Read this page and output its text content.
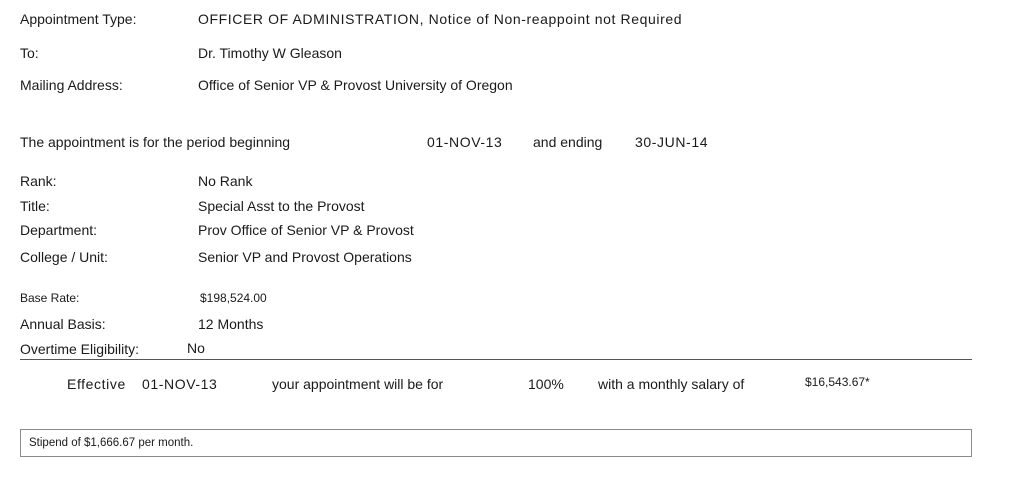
Appointment Type:	OFFICER OF ADMINISTRATION, Notice of Non-reappoint not Required
To:	Dr. Timothy W Gleason
Mailing Address:	Office of Senior VP & Provost University of Oregon
The appointment is for the period beginning	01-NOV-13 and ending 30-JUN-14
Rank:	No Rank
Title:	Special Asst to the Provost
Department:	Prov Office of Senior VP & Provost
College / Unit:	Senior VP and Provost Operations
Base Rate:	$198,524.00
Annual Basis:	12 Months
Overtime Eligibility:	No
Effective 01-NOV-13	your appointment will be for	100% with a monthly salary of	$16,543.67*
Stipend of $1,666.67 per month.
